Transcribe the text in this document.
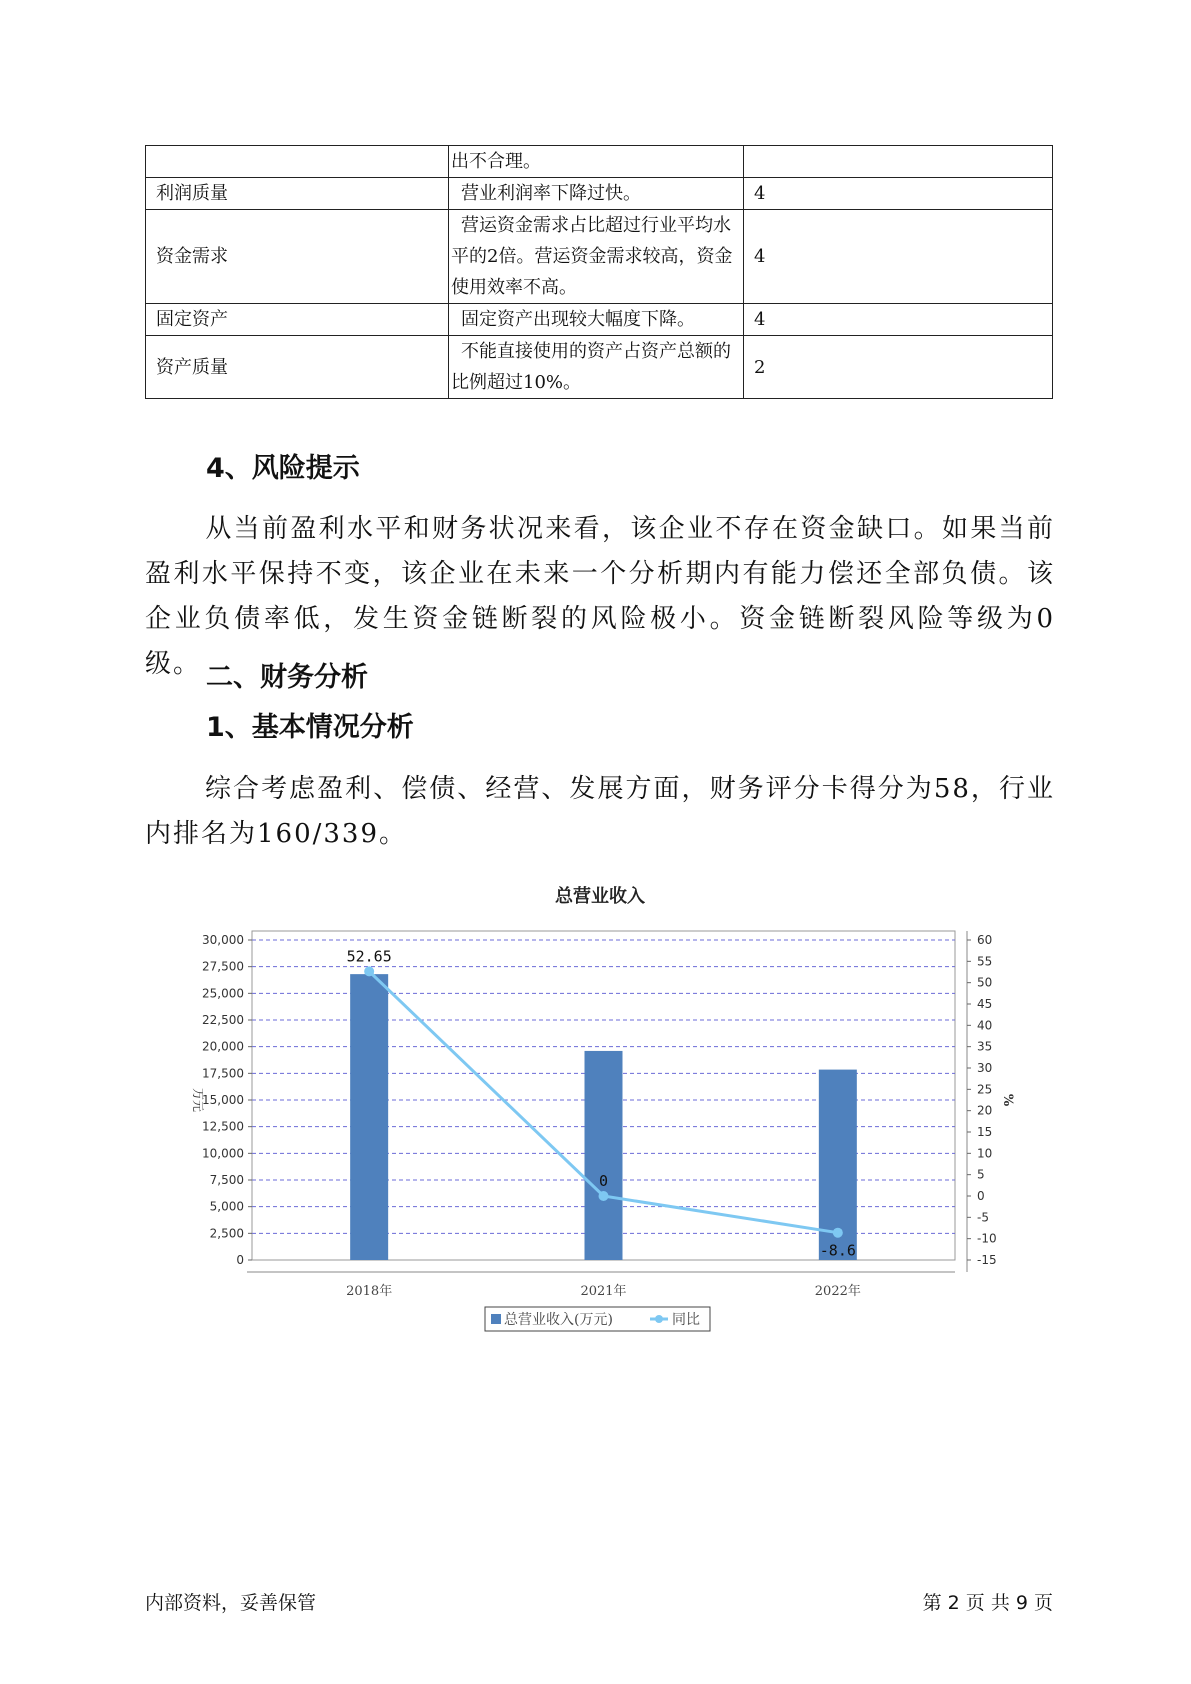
	出不合理。	
利润质量	营业利润率下降过快。	4
资金需求	营运资金需求占比超过行业平均水平的2倍。营运资金需求较高，资金使用效率不高。	4
固定资产	固定资产出现较大幅度下降。	4
资产质量	不能直接使用的资产占资产总额的比例超过10%。	2
4、风险提示

从当前盈利水平和财务状况来看，该企业不存在资金缺口。如果当前盈利水平保持不变，该企业在未来一个分析期内有能力偿还全部负债。该企业负债率低，发生资金链断裂的风险极小。资金链断裂风险等级为0级。 二、财务分析
1、基本情况分析

综合考虑盈利、偿债、经营、发展方面，财务评分卡得分为58，行业内排名为160/339。

总营业收入
0
2,500
5,000
7,500
10,000
12,500
15,000
17,500
20,000
22,500
25,000
27,500
30,000
-15
-10
-5
0
5
10
15
20
25
30
35
40
45
50
55
60
万元	%
2018年	2021年	2022年
52.65
0
-8.6
总营业收入(万元)	同比
内部资料，妥善保管	第 2 页 共 9 页
